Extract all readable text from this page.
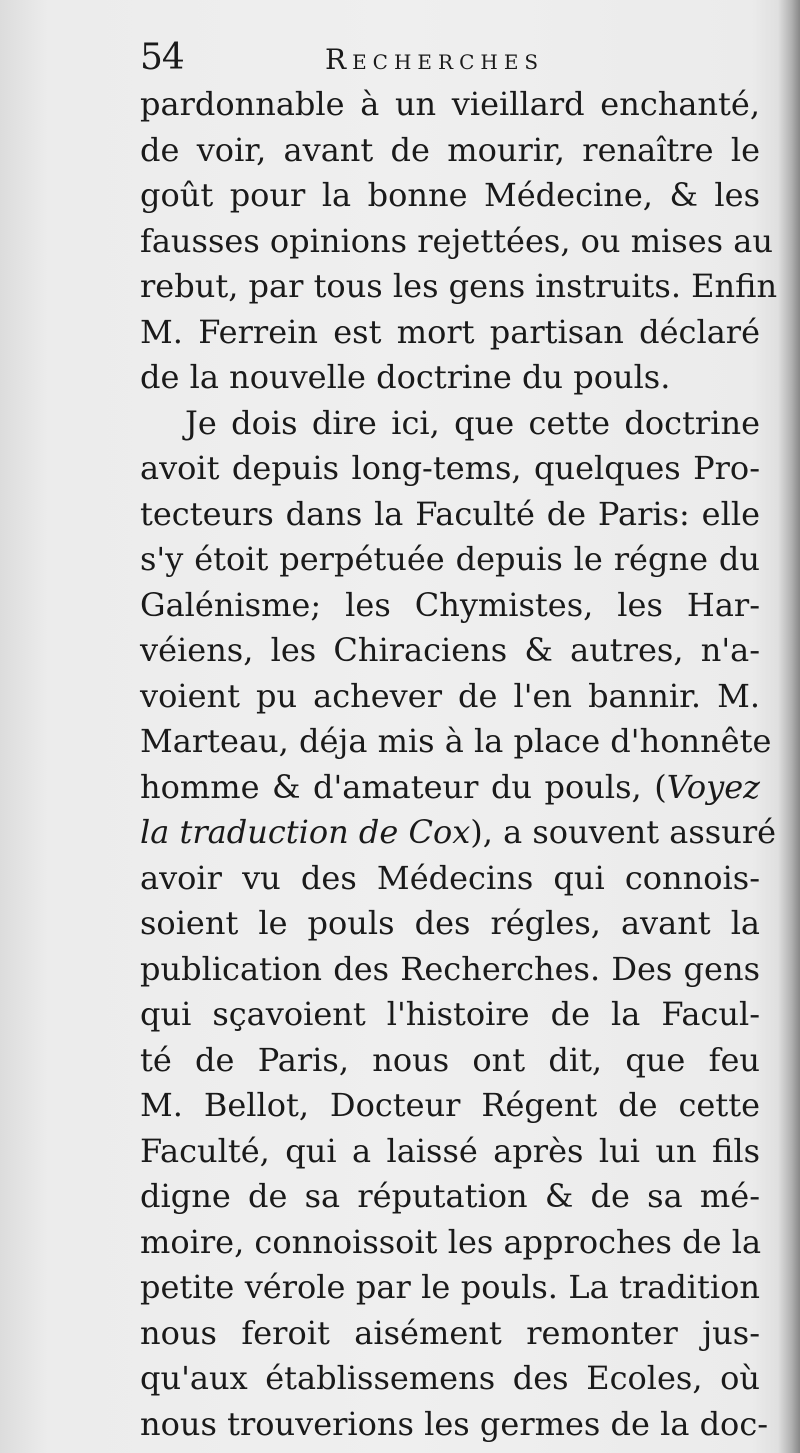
54	Recherches
pardonnable à un vieillard enchanté,
de voir, avant de mourir, renaître le
goût pour la bonne Médecine, & les
fausses opinions rejettées, ou mises au
rebut, par tous les gens instruits. Enfin
M. Ferrein est mort partisan déclaré
de la nouvelle doctrine du pouls.
Je dois dire ici, que cette doctrine
avoit depuis long-tems, quelques Pro-
tecteurs dans la Faculté de Paris: elle
s'y étoit perpétuée depuis le régne du
Galénisme; les Chymistes, les Har-
véiens, les Chiraciens & autres, n'a-
voient pu achever de l'en bannir. M.
Marteau, déja mis à la place d'honnête
homme & d'amateur du pouls, (Voyez
la traduction de Cox), a souvent assuré
avoir vu des Médecins qui connois-
soient le pouls des régles, avant la
publication des Recherches. Des gens
qui sçavoient l'histoire de la Facul-
té de Paris, nous ont dit, que feu
M. Bellot, Docteur Régent de cette
Faculté, qui a laissé après lui un fils
digne de sa réputation & de sa mé-
moire, connoissoit les approches de la
petite vérole par le pouls. La tradition
nous feroit aisément remonter jus-
qu'aux établissemens des Ecoles, où
nous trouverions les germes de la doc-
